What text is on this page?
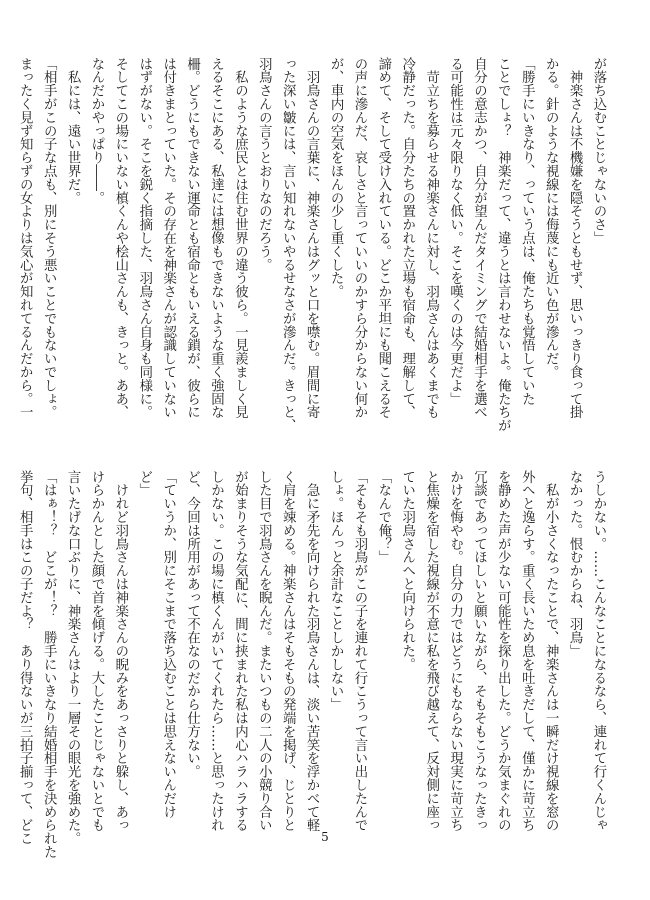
が落ち込むことじゃないのさ」
　神楽さんは不機嫌を隠そうともせず、思いっきり食って掛
かる。針のような視線には侮蔑にも近い色が滲んだ。
「勝手にいきなり、っていう点は、俺たちも覚悟していた
ことでしょ？　神楽だって、違うとは言わせないよ。俺たちが
自分の意志かつ、自分が望んだタイミングで結婚相手を選べ
る可能性は元々限りなく低い。そこを嘆くのは今更だよ」
　苛立ちを募らせる神楽さんに対し、羽鳥さんはあくまでも
冷静だった。自分たちの置かれた立場も宿命も、理解して、
諦めて、そして受け入れている。どこか平坦にも聞こえるそ
の声に滲んだ、哀しさと言っていいのかすら分からない何か
が、車内の空気をほんの少し重くした。
　羽鳥さんの言葉に、神楽さんはグッと口を噤む。眉間に寄
った深い皺には、言い知れないやるせなさが滲んだ。きっと、
羽鳥さんの言うとおりなのだろう。
　私のような庶民とは住む世界の違う彼ら。一見羨ましく見
えるそこにある、私達には想像もできないような重く強固な
柵。どうにもできない運命とも宿命ともいえる鎖が、彼らに
は付きまとっていた。その存在を神楽さんが認識していない
はずがない。そこを鋭く指摘した、羽鳥さん自身も同様に。
そしてこの場にいない槙くんや桧山さんも、きっと。ああ、
なんだかやっぱり――。
　私には、遠い世界だ。
「相手がこの子な点も、別にそう悪いことでもないでしょ。
まったく見ず知らずの女よりは気心が知れてるんだから。一
うしかない。……こんなことになるなら、連れて行くんじゃ
なかった。恨むからね、羽鳥」
　私が小さくなったことで、神楽さんは一瞬だけ視線を窓の
外へと逸らす。重く長いため息を吐きだして、僅かに苛立ち
を静めた声が少ない可能性を探り出した。どうか気まぐれの
冗談であってほしいと願いながら、そもそもこうなったきっ
かけを悔やむ。自分の力ではどうにもならない現実に苛立ち
と焦燥を宿した視線が不意に私を飛び越えて、反対側に座っ
ていた羽鳥さんへと向けられた。
「なんで俺？」
「そもそも羽鳥がこの子を連れて行こうって言い出したんで
しょ。ほんっと余計なことしかしない」
　急に矛先を向けられた羽鳥さんは、淡い苦笑を浮かべて軽
く肩を竦める。神楽さんはそもそもの発端を掲げ、じとりと
した目で羽鳥さんを睨んだ。またいつもの二人の小競り合い
が始まりそうな気配に、間に挟まれた私は内心ハラハラする
しかない。この場に槙くんがいてくれたら……と思ったけれ
ど、今回は所用があって不在なのだから仕方ない。
「ていうか、別にそこまで落ち込むことは思えないんだけ
ど」
　けれど羽鳥さんは神楽さんの睨みをあっさりと躱し、あっ
けらかんとした顔で首を傾げる。大したことじゃないとでも
言いたげな口ぶりに、神楽さんはより一層その眼光を強めた。
「はぁ！？　どこが！？　勝手にいきなり結婚相手を決められた
挙句、相手はこの子だよ？　あり得ないが三拍子揃って、どこ	5
